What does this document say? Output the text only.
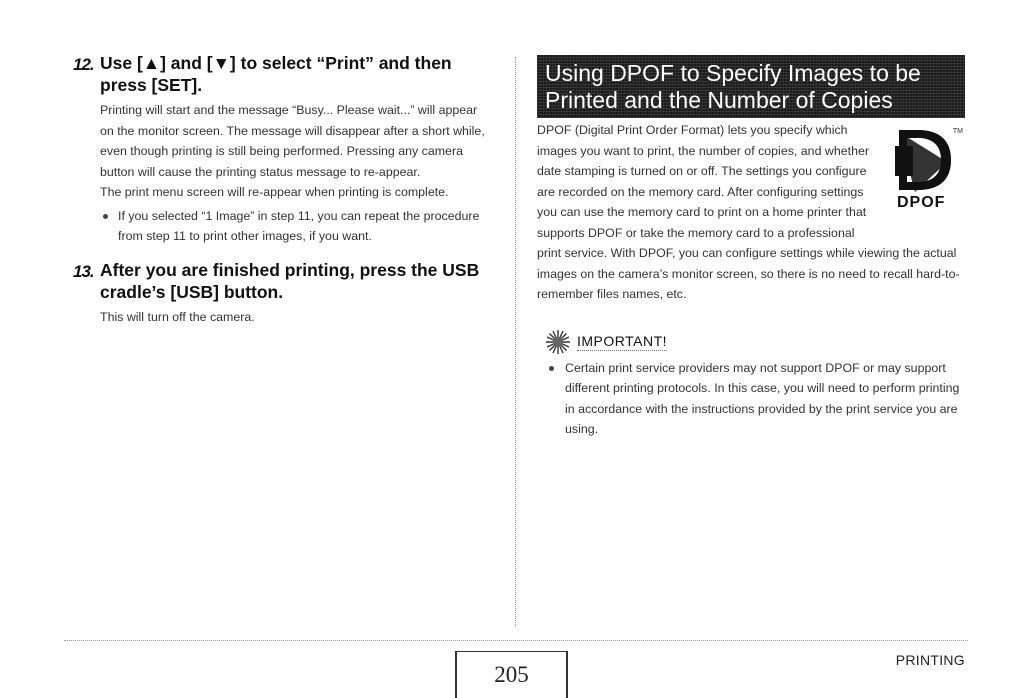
12. Use [▲] and [▼] to select “Print” and then press [SET].

Printing will start and the message “Busy... Please wait...” will appear on the monitor screen. The message will disappear after a short while, even though printing is still being performed. Pressing any camera button will cause the printing status message to re-appear.

The print menu screen will re-appear when printing is complete.

If you selected “1 Image” in step 11, you can repeat the procedure from step 11 to print other images, if you want.
13. After you are finished printing, press the USB cradle’s [USB] button.

This will turn off the camera.

Using DPOF to Specify Images to be
Printed and the Number of Copies
TM
DPOF

DPOF (Digital Print Order Format) lets you specify which images you want to print, the number of copies, and whether date stamping is turned on or off. The settings you configure are recorded on the memory card. After configuring settings you can use the memory card to print on a home printer that supports DPOF or take the memory card to a professional print service. With DPOF, you can configure settings while viewing the actual images on the camera’s monitor screen, so there is no need to recall hard-to-remember files names, etc.

IMPORTANT!
Certain print service providers may not support DPOF or may support different printing protocols. In this case, you will need to perform printing in accordance with the instructions provided by the print service you are using.
205
PRINTING
